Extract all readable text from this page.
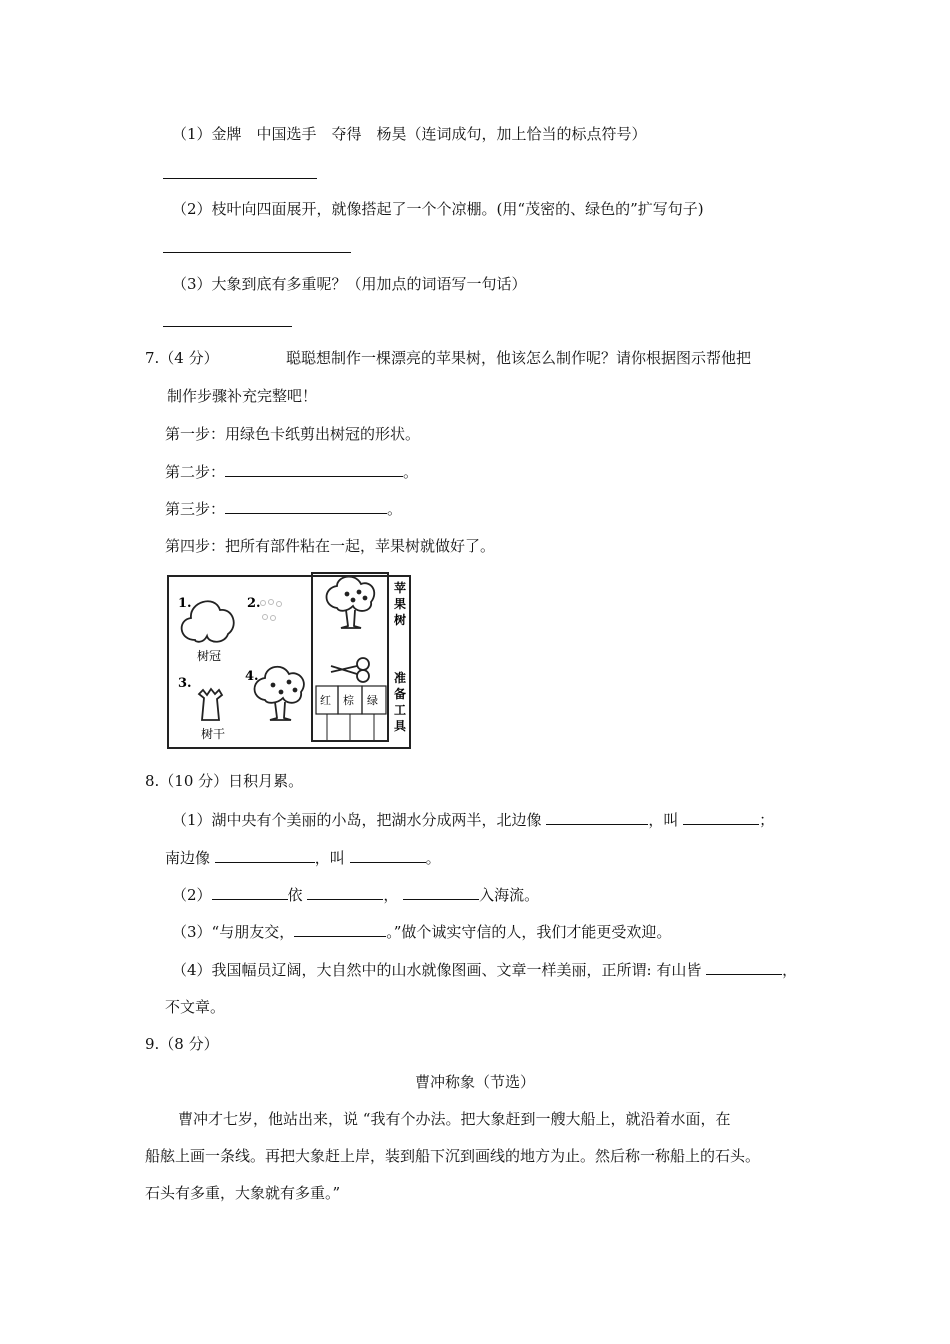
（1）金牌　中国选手　夺得　杨昊（连词成句，加上恰当的标点符号）
（2）枝叶向四面展开，就像搭起了一个个凉棚。(用“茂密的、绿色的”扩写句子)
（3）大象到底有多重呢？（用加点的词语写一句话）
7.（4 分）	聪聪想制作一棵漂亮的苹果树，他该怎么制作呢？请你根据图示帮他把
制作步骤补充完整吧！
第一步：用绿色卡纸剪出树冠的形状。
第二步：	。
第三步：	。
第四步：把所有部件粘在一起，苹果树就做好了。
1.
树冠
2.
3.
树干
4.
红 棕 绿
苹
果
树
准
备
工
具
8.（10 分）日积月累。
（1）湖中央有个美丽的小岛，把湖水分成两半，北边像	，叫	；
南边像	，叫	。
（2）	依	，	入海流。
（3）“与朋友交，	。”做个诚实守信的人，我们才能更受欢迎。
（4）我国幅员辽阔，大自然中的山水就像图画、文章一样美丽，正所谓: 有山皆	，
不文章。
9.（8 分）
曹冲称象（节选）
曹冲才七岁，他站出来，说 “我有个办法。把大象赶到一艘大船上，就沿着水面，在
船舷上画一条线。再把大象赶上岸，装到船下沉到画线的地方为止。然后称一称船上的石头。
石头有多重，大象就有多重。”
